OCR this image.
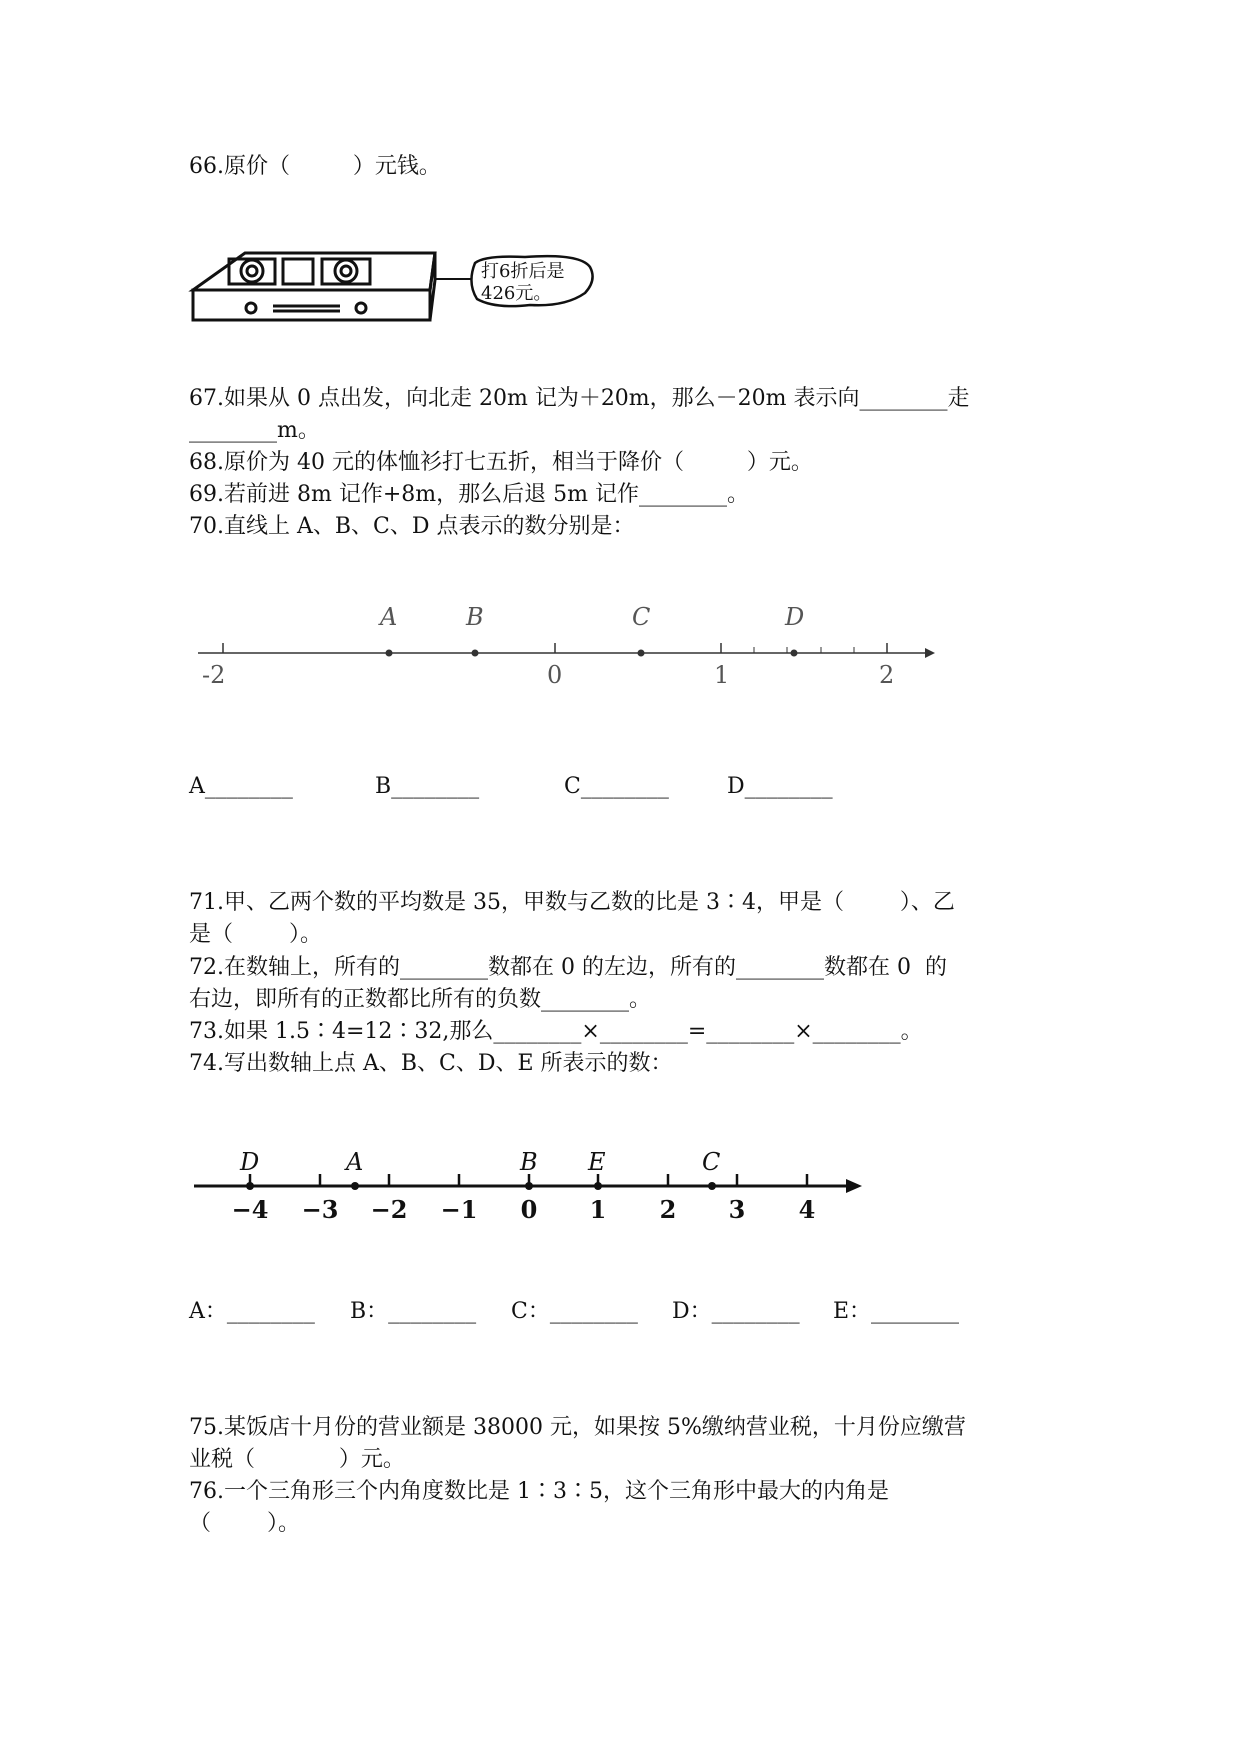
66.原价（         ）元钱。
打6折后是
426元。
67.如果从 0 点出发，向北走 20m 记为＋20m，那么－20m 表示向________走
________m。
68.原价为 40 元的体恤衫打七五折，相当于降价（         ）元。
69.若前进 8m 记作+8m，那么后退 5m 记作________。
70.直线上 A、B、C、D 点表示的数分别是：
A	B	C	D
-2	0	1	2
A________	B________	C________	D________
71.甲、乙两个数的平均数是 35，甲数与乙数的比是 3∶4，甲是（        ）、乙
是（        ）。
72.在数轴上，所有的________数都在 0 的左边，所有的________数都在 0  的
右边，即所有的正数都比所有的负数________。
73.如果 1.5∶4=12∶32,那么________×________=________×________。
74.写出数轴上点 A、B、C、D、E 所表示的数：
D	A	B E	C
−4 −3 −2 −1 0 1 2 3 4
A：________ B：________ C：________ D：________ E：________
75.某饭店十月份的营业额是 38000 元，如果按 5%缴纳营业税，十月份应缴营
业税（            ）元。
76.一个三角形三个内角度数比是 1∶3∶5，这个三角形中最大的内角是
（        ）。
